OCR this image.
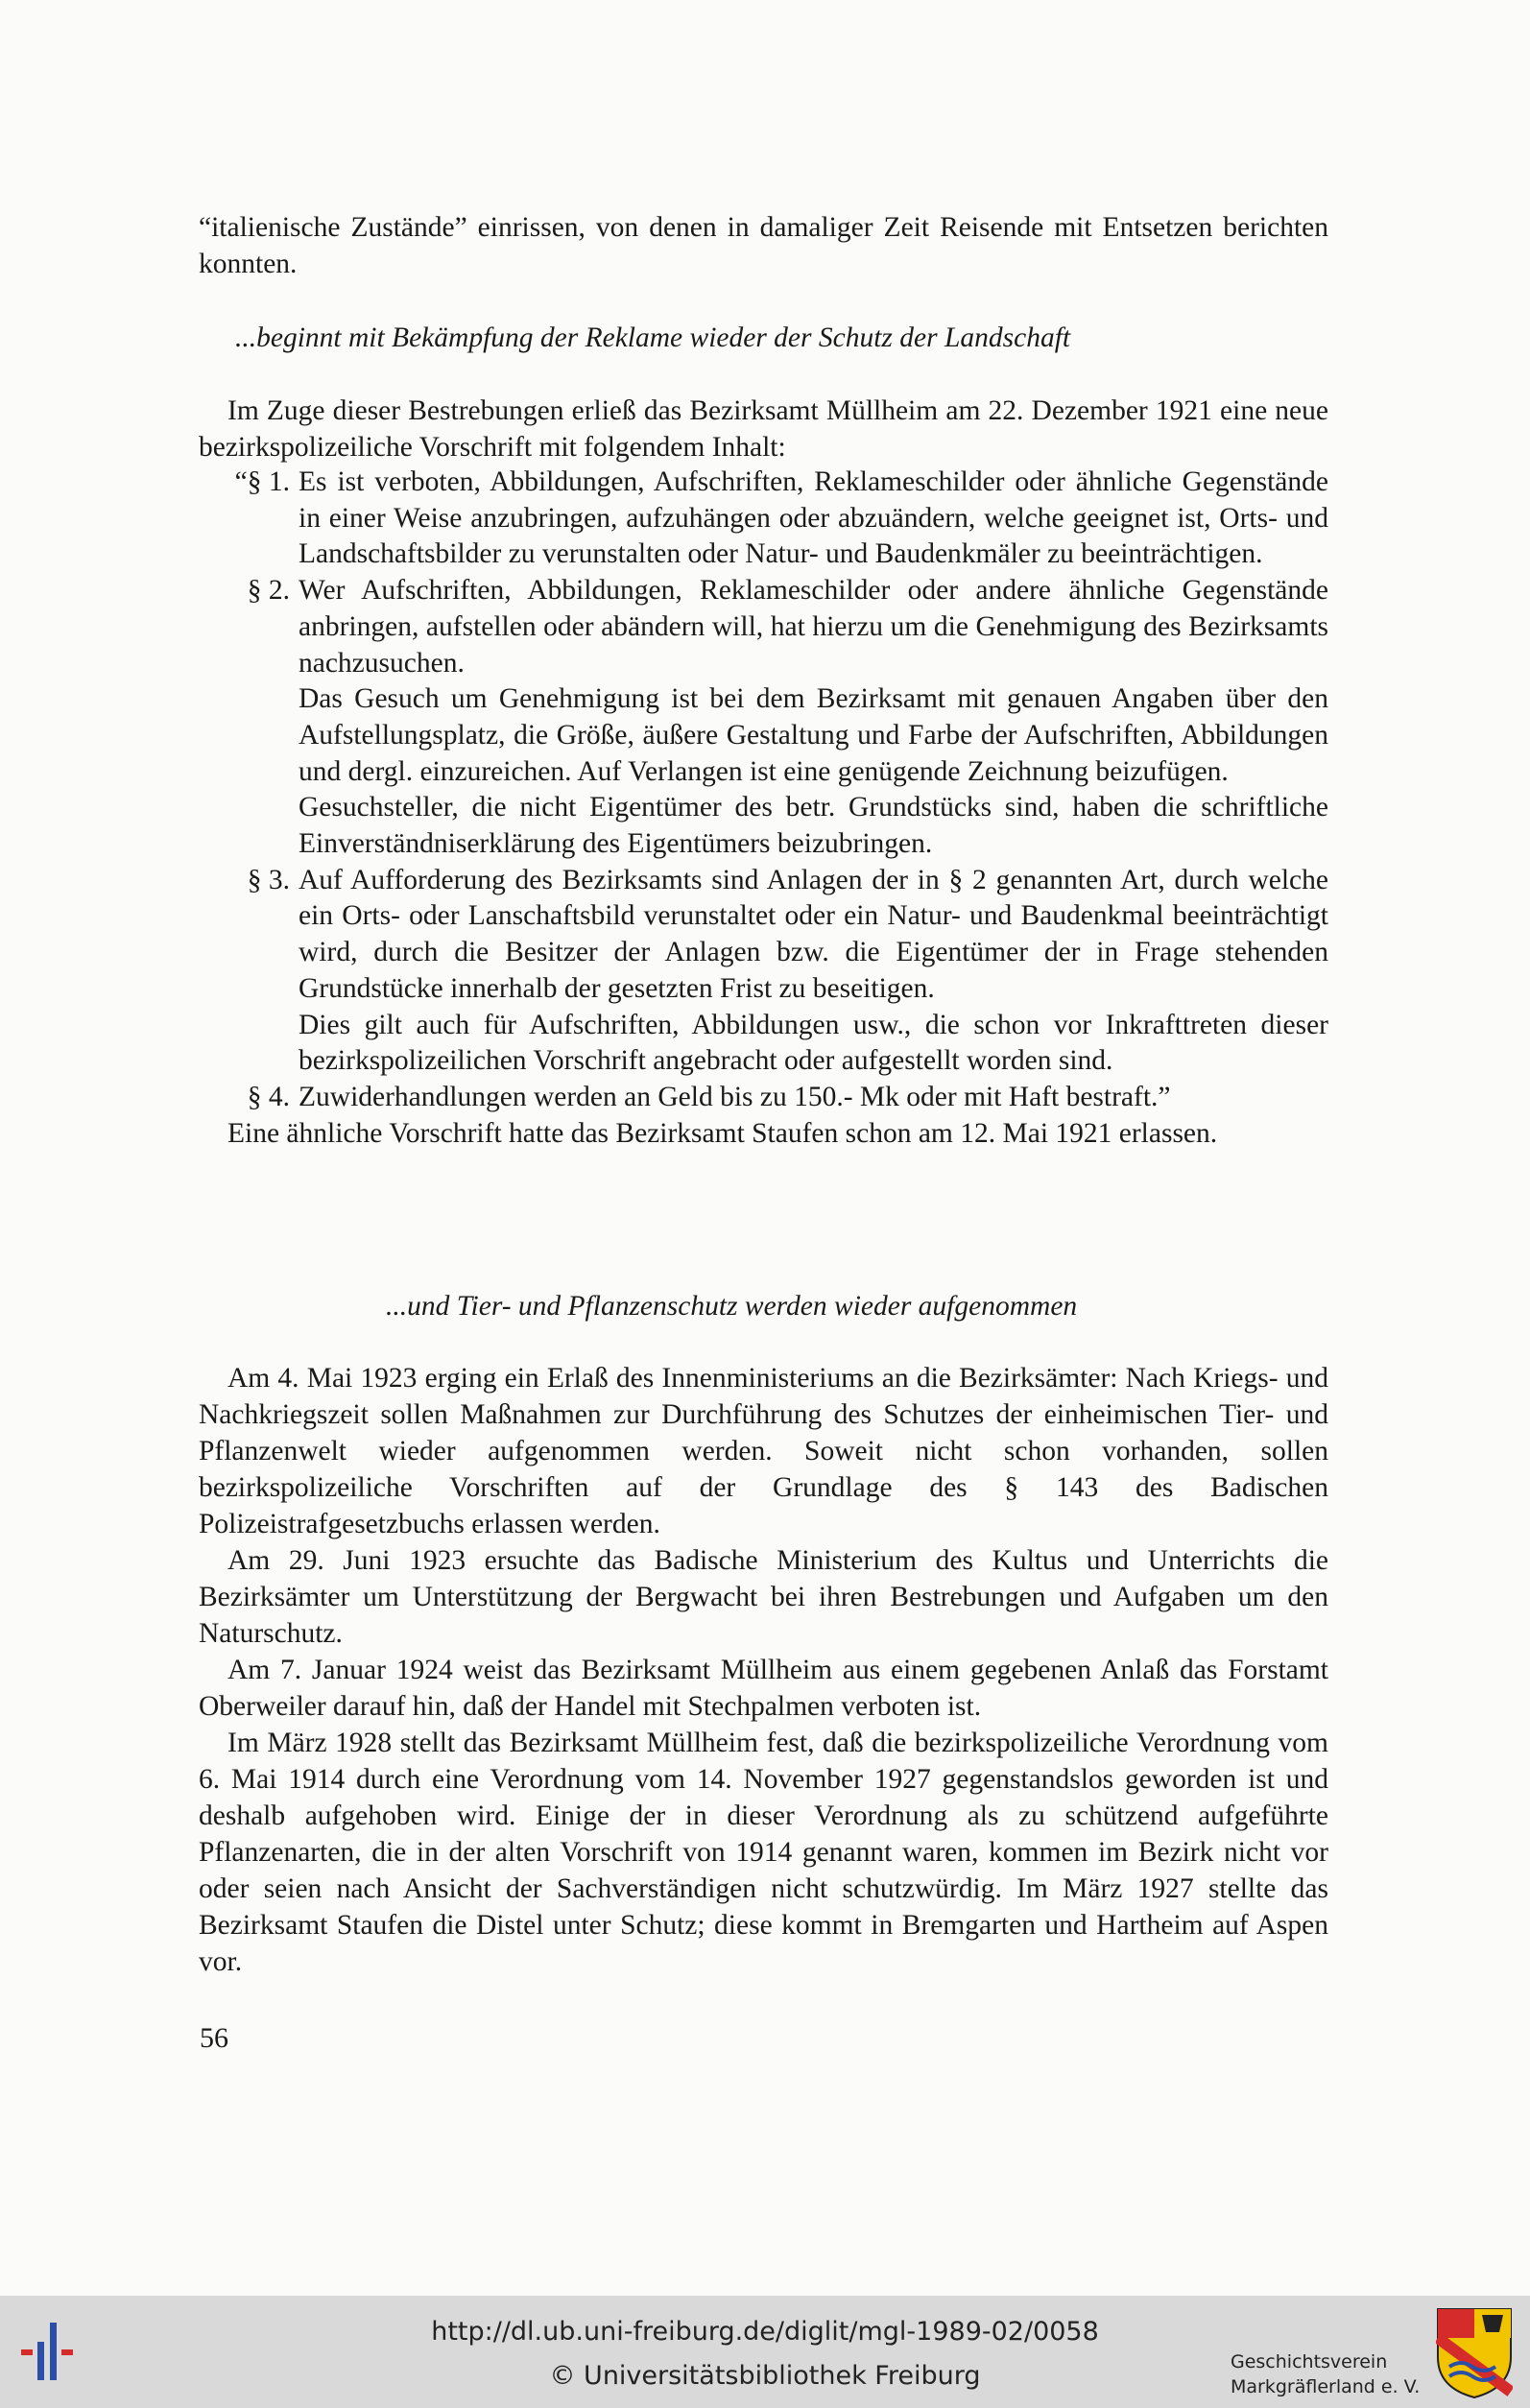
“italienische Zustände” einrissen, von denen in damaliger Zeit Reisende mit Entsetzen berichten konnten.

...beginnt mit Bekämpfung der Reklame wieder der Schutz der Landschaft

Im Zuge dieser Bestrebungen erließ das Bezirksamt Müllheim am 22. Dezember 1921 eine neue bezirkspolizeiliche Vorschrift mit folgendem Inhalt:

“§ 1. Es ist verboten, Abbildungen, Aufschriften, Reklameschilder oder ähnliche Gegenstände in einer Weise anzubringen, aufzuhängen oder abzuändern, welche geeignet ist, Orts- und Landschaftsbilder zu verunstalten oder Natur- und Baudenkmäler zu beeinträchtigen.

§ 2. Wer Aufschriften, Abbildungen, Reklameschilder oder andere ähnliche Gegenstände anbringen, aufstellen oder abändern will, hat hierzu um die Genehmigung des Bezirksamts nachzusuchen.

Das Gesuch um Genehmigung ist bei dem Bezirksamt mit genauen Angaben über den Aufstellungsplatz, die Größe, äußere Gestaltung und Farbe der Aufschriften, Abbildungen und dergl. einzureichen. Auf Verlangen ist eine genügende Zeichnung beizufügen.

Gesuchsteller, die nicht Eigentümer des betr. Grundstücks sind, haben die schriftliche Einverständniserklärung des Eigentümers beizubringen.

§ 3. Auf Aufforderung des Bezirksamts sind Anlagen der in § 2 genannten Art, durch welche ein Orts- oder Lanschaftsbild verunstaltet oder ein Natur- und Baudenkmal beeinträchtigt wird, durch die Besitzer der Anlagen bzw. die Eigentümer der in Frage stehenden Grundstücke innerhalb der gesetzten Frist zu beseitigen.

Dies gilt auch für Aufschriften, Abbildungen usw., die schon vor Inkrafttreten dieser bezirkspolizeilichen Vorschrift angebracht oder aufgestellt worden sind.

§ 4. Zuwiderhandlungen werden an Geld bis zu 150.- Mk oder mit Haft bestraft.”

Eine ähnliche Vorschrift hatte das Bezirksamt Staufen schon am 12. Mai 1921 erlassen.

...und Tier- und Pflanzenschutz werden wieder aufgenommen

Am 4. Mai 1923 erging ein Erlaß des Innenministeriums an die Bezirksämter: Nach Kriegs- und Nachkriegszeit sollen Maßnahmen zur Durchführung des Schutzes der einheimischen Tier- und Pflanzenwelt wieder aufgenommen werden. Soweit nicht schon vorhanden, sollen bezirkspolizeiliche Vorschriften auf der Grundlage des § 143 des Badischen Polizeistrafgesetzbuchs erlassen werden.

Am 29. Juni 1923 ersuchte das Badische Ministerium des Kultus und Unterrichts die Bezirksämter um Unterstützung der Bergwacht bei ihren Bestrebungen und Aufgaben um den Naturschutz.

Am 7. Januar 1924 weist das Bezirksamt Müllheim aus einem gegebenen Anlaß das Forstamt Oberweiler darauf hin, daß der Handel mit Stechpalmen verboten ist.

Im März 1928 stellt das Bezirksamt Müllheim fest, daß die bezirkspolizeiliche Verordnung vom 6. Mai 1914 durch eine Verordnung vom 14. November 1927 gegenstandslos geworden ist und deshalb aufgehoben wird. Einige der in dieser Verordnung als zu schützend aufgeführte Pflanzenarten, die in der alten Vorschrift von 1914 genannt waren, kommen im Bezirk nicht vor oder seien nach Ansicht der Sachverständigen nicht schutzwürdig. Im März 1927 stellte das Bezirksamt Staufen die Distel unter Schutz; diese kommt in Bremgarten und Hartheim auf Aspen vor.

56
http://dl.ub.uni-freiburg.de/diglit/mgl-1989-02/0058
© Universitätsbibliothek Freiburg	Geschichtsverein
Markgräflerland e. V.
